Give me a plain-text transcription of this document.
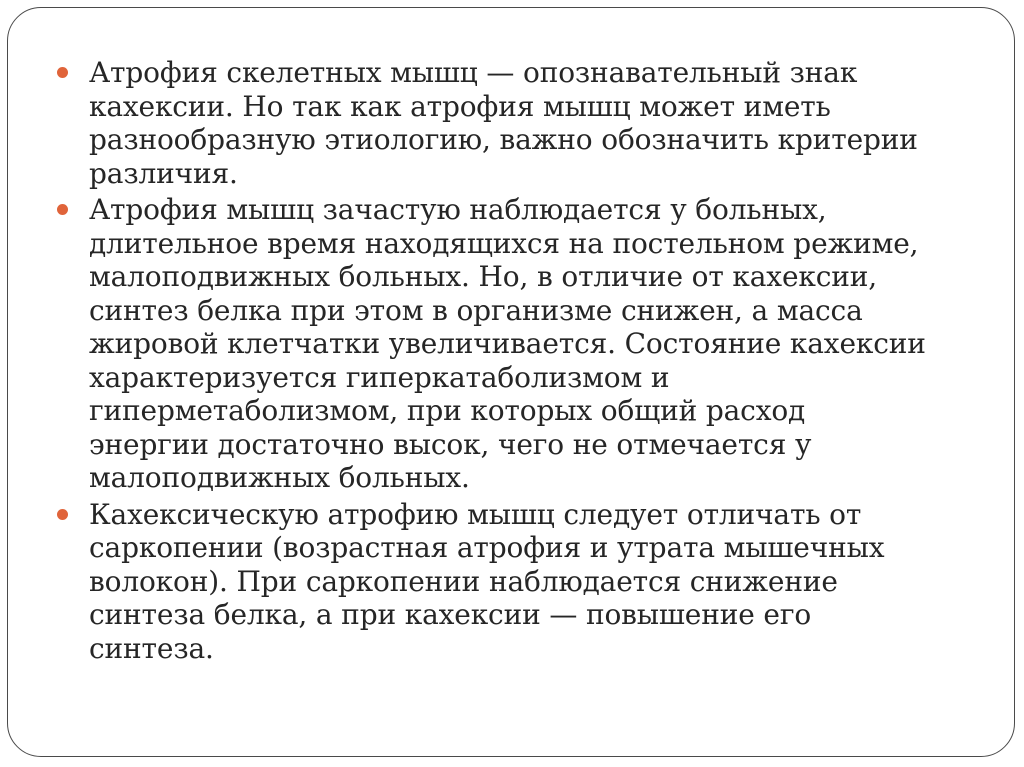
Атрофия скелетных мышц — опознавательный знак
кахексии. Но так как атрофия мышц может иметь
разнообразную этиологию, важно обозначить критерии
различия.
Атрофия мышц зачастую наблюдается у больных,
длительное время находящихся на постельном режиме,
малоподвижных больных. Но, в отличие от кахексии,
синтез белка при этом в организме снижен, а масса
жировой клетчатки увеличивается. Состояние кахексии
характеризуется гиперкатаболизмом и
гиперметаболизмом, при которых общий расход
энергии достаточно высок, чего не отмечается у
малоподвижных больных.
Кахексическую атрофию мышц следует отличать от
саркопении (возрастная атрофия и утрата мышечных
волокон). При саркопении наблюдается снижение
синтеза белка, а при кахексии — повышение его
синтеза.
